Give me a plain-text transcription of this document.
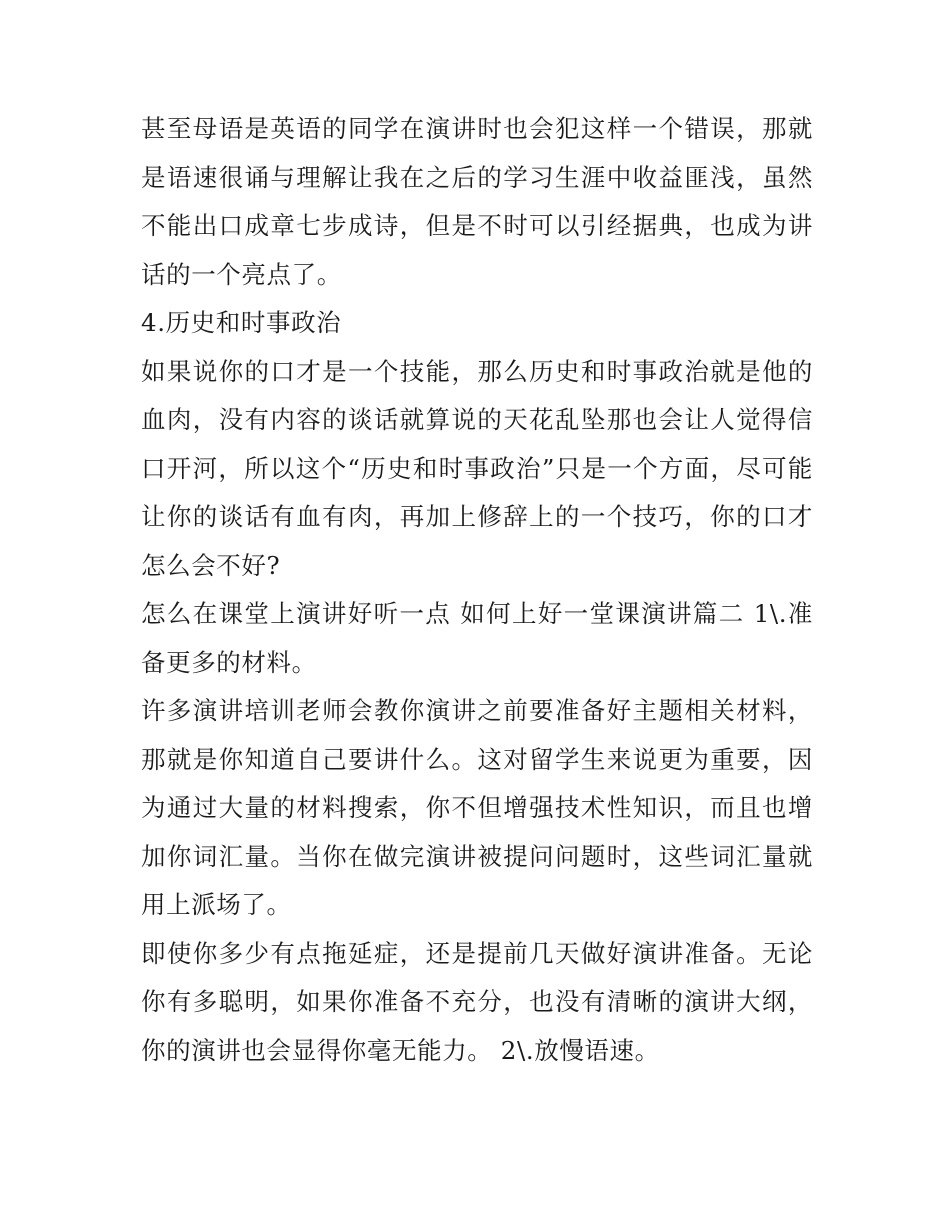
甚至母语是英语的同学在演讲时也会犯这样一个错误，那就是语速很诵与理解让我在之后的学习生涯中收益匪浅，虽然不能出口成章七步成诗，但是不时可以引经据典，也成为讲话的一个亮点了。

4.历史和时事政治

如果说你的口才是一个技能，那么历史和时事政治就是他的血肉，没有内容的谈话就算说的天花乱坠那也会让人觉得信口开河，所以这个“历史和时事政治”只是一个方面，尽可能让你的谈话有血有肉，再加上修辞上的一个技巧，你的口才怎么会不好?

怎么在课堂上演讲好听一点 如何上好一堂课演讲篇二 1\.准备更多的材料。

许多演讲培训老师会教你演讲之前要准备好主题相关材料，那就是你知道自己要讲什么。这对留学生来说更为重要，因为通过大量的材料搜索，你不但增强技术性知识，而且也增加你词汇量。当你在做完演讲被提问问题时，这些词汇量就用上派场了。

即使你多少有点拖延症，还是提前几天做好演讲准备。无论你有多聪明，如果你准备不充分，也没有清晰的演讲大纲，你的演讲也会显得你毫无能力。 2\.放慢语速。
